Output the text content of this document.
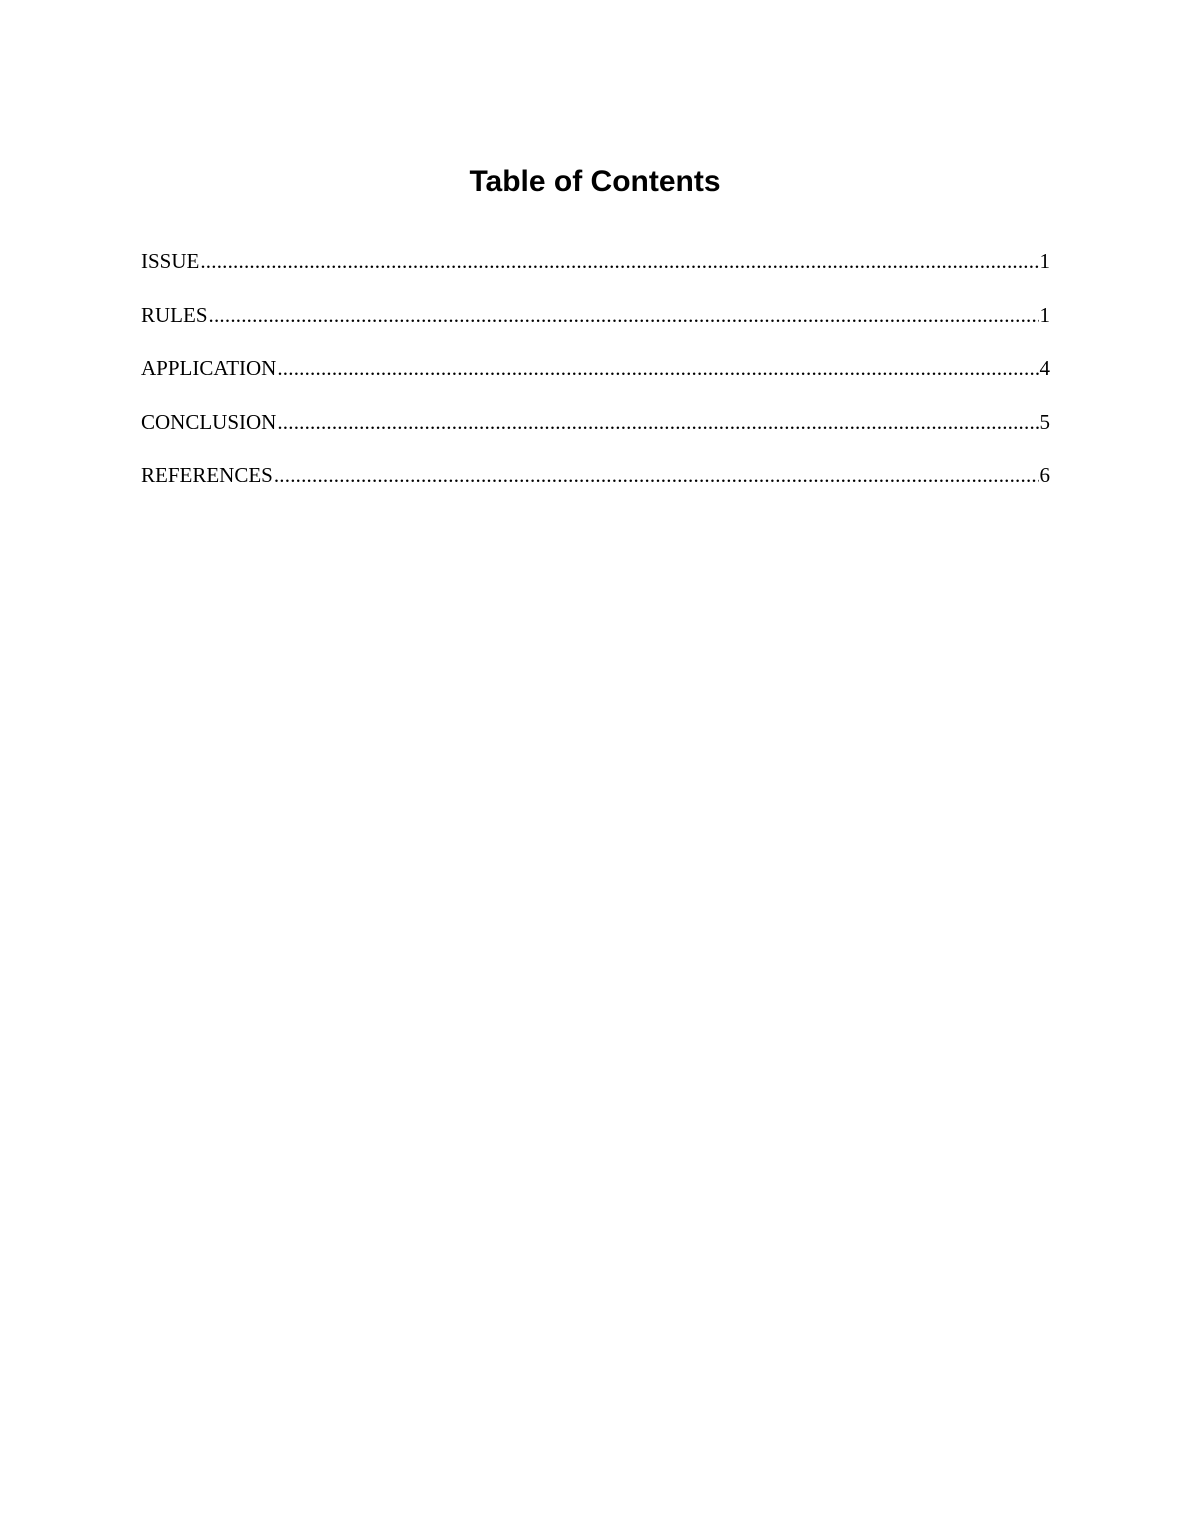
Table of Contents
ISSUE .....	1
RULES .....	1
APPLICATION .....	4
CONCLUSION .....	5
REFERENCES .....	6
